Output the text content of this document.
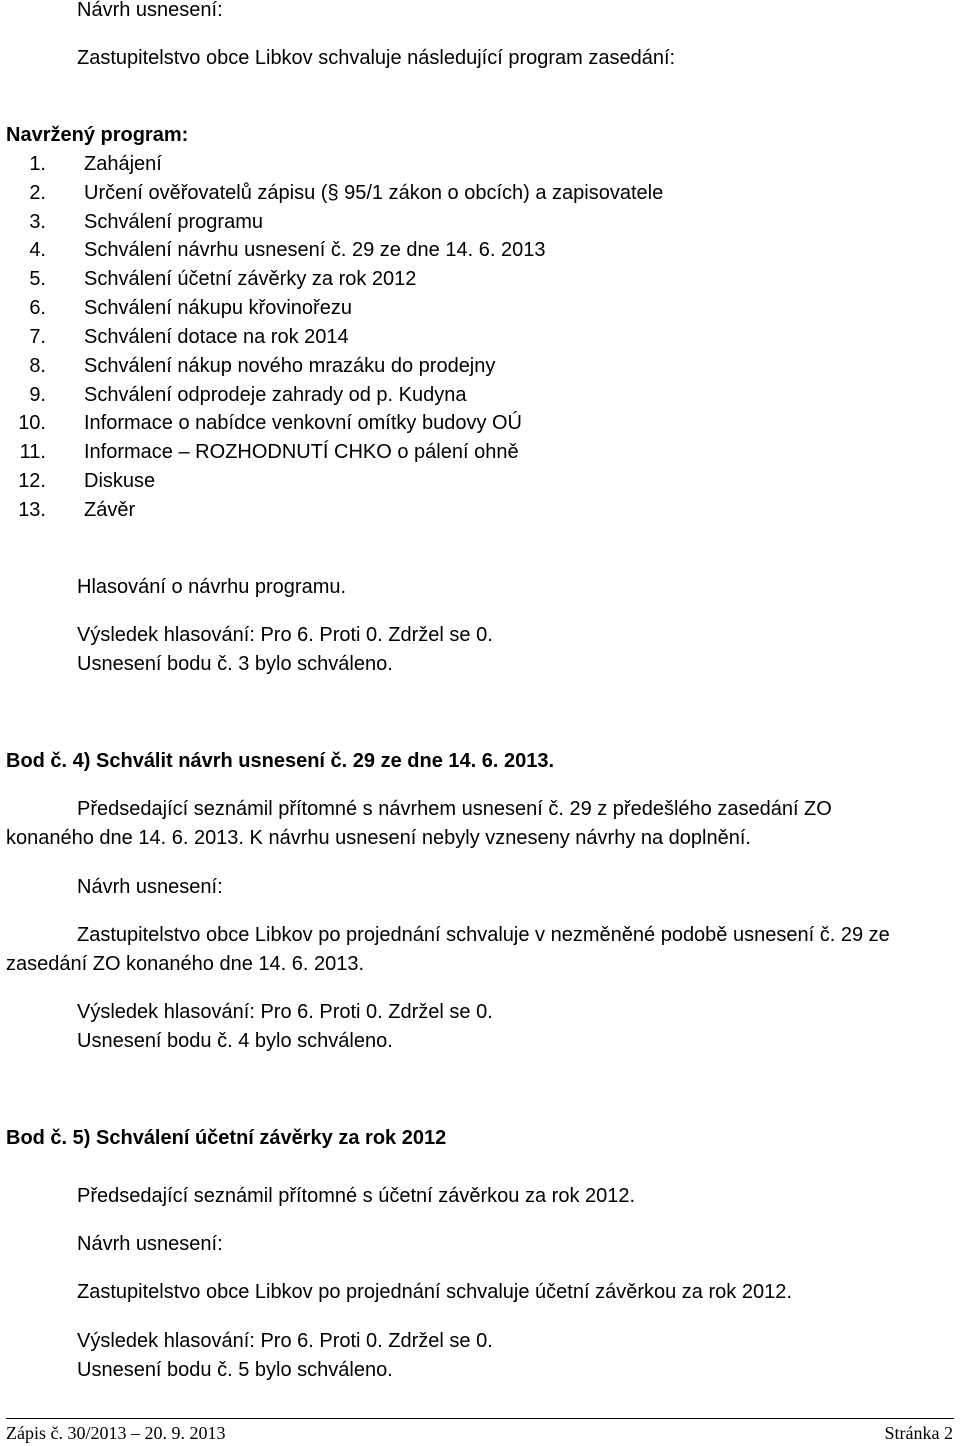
Návrh usnesení:
Zastupitelstvo obce Libkov schvaluje následující program zasedání:
Navržený program:
1. Zahájení
2. Určení ověřovatelů zápisu (§ 95/1 zákon o obcích) a zapisovatele
3. Schválení programu
4. Schválení návrhu usnesení č. 29 ze dne 14. 6. 2013
5. Schválení účetní závěrky za rok 2012
6. Schválení nákupu křovinořezu
7. Schválení dotace na rok 2014
8. Schválení nákup nového mrazáku do prodejny
9. Schválení odprodeje zahrady od p. Kudyna
10. Informace o nabídce venkovní omítky budovy OÚ
11. Informace – ROZHODNUTÍ CHKO o pálení ohně
12. Diskuse
13. Závěr
Hlasování o návrhu programu.
Výsledek hlasování: Pro 6. Proti 0. Zdržel se 0.
Usnesení bodu č. 3 bylo schváleno.
Bod č. 4) Schválit návrh usnesení č. 29 ze dne 14. 6. 2013.
Předsedající seznámil přítomné s návrhem usnesení č. 29 z předešlého zasedání ZO
konaného dne 14. 6. 2013. K návrhu usnesení nebyly vzneseny návrhy na doplnění.
Návrh usnesení:
Zastupitelstvo obce Libkov po projednání schvaluje v nezměněné podobě usnesení č. 29 ze
zasedání ZO konaného dne 14. 6. 2013.
Výsledek hlasování: Pro 6. Proti 0. Zdržel se 0.
Usnesení bodu č. 4 bylo schváleno.
Bod č. 5) Schválení účetní závěrky za rok 2012
Předsedající seznámil přítomné s účetní závěrkou za rok 2012.
Návrh usnesení:
Zastupitelstvo obce Libkov po projednání schvaluje účetní závěrkou za rok 2012.
Výsledek hlasování: Pro 6. Proti 0. Zdržel se 0.
Usnesení bodu č. 5 bylo schváleno.
Zápis č. 30/2013 – 20. 9. 2013	Stránka 2
